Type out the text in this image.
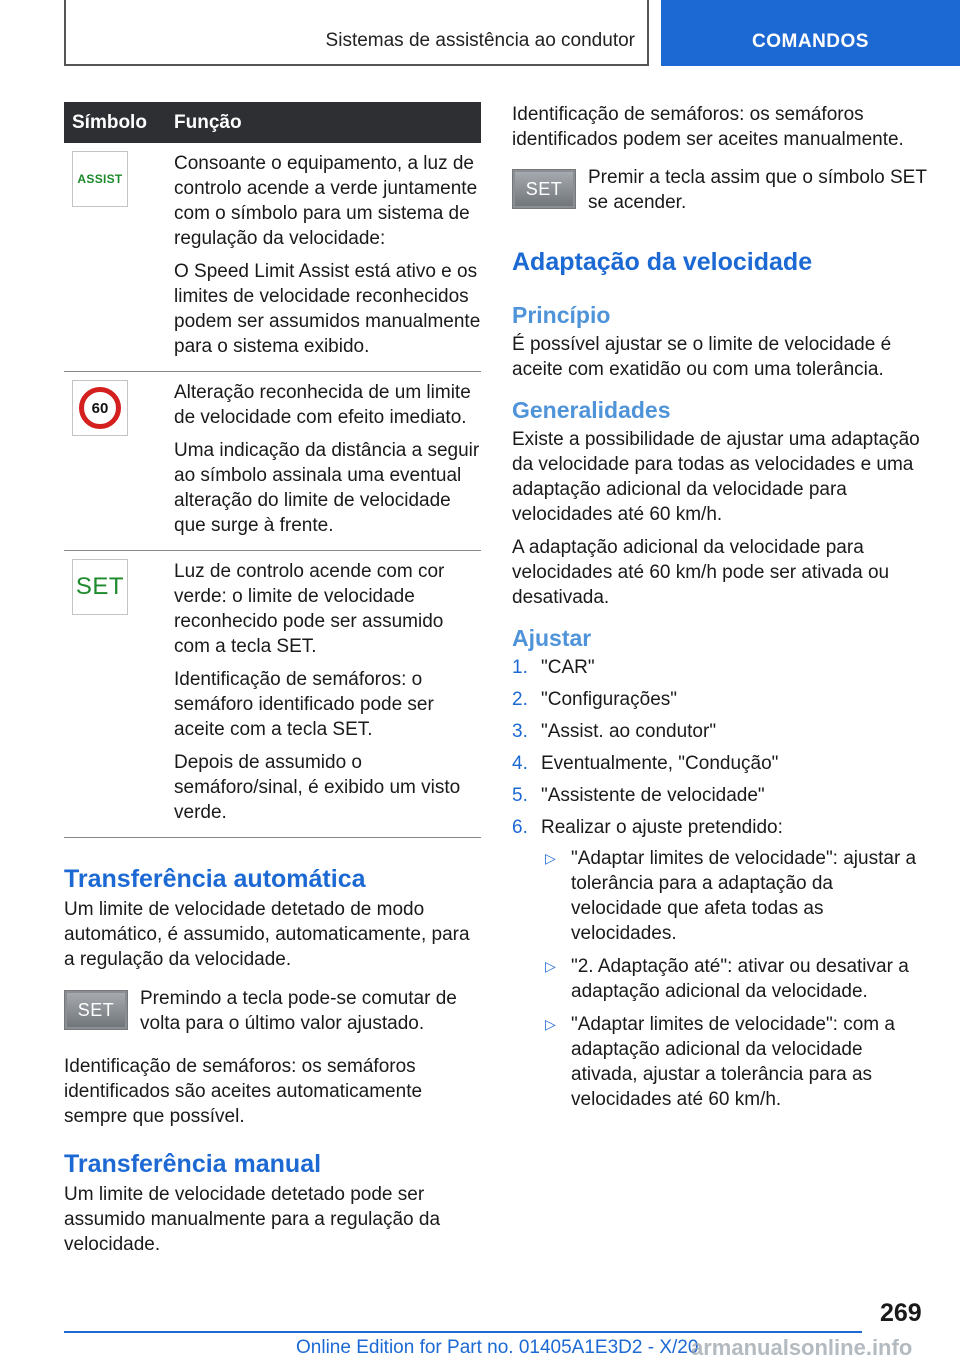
Sistemas de assistência ao condutor	COMANDOS
Símbolo	Função

ASSIST	Consoante o equipamento, a luz de controlo acende a verde juntamente com o símbolo para um sistema de regulação da velocidade:

O Speed Limit Assist está ativo e os limites de velocidade reconhecidos podem ser assumidos manualmente para o sistema exibido.

60	Alteração reconhecida de um limite de velocidade com efeito imediato.

Uma indicação da distância a seguir ao símbolo assinala uma eventual alteração do limite de velocidade que surge à frente.

SET	Luz de controlo acende com cor verde: o limite de velocidade reconhecido pode ser assumido com a tecla SET.

Identificação de semáforos: o semáforo identificado pode ser aceite com a tecla SET.

Depois de assumido o semáforo/sinal, é exibido um visto verde.

Transferência automática

Um limite de velocidade detetado de modo automático, é assumido, automaticamente, para a regulação da velocidade.

SET

Premindo a tecla pode-se comutar de volta para o último valor ajustado.

Identificação de semáforos: os semáforos identificados são aceites automaticamente sempre que possível.

Transferência manual

Um limite de velocidade detetado pode ser assumido manualmente para a regulação da velocidade.

Identificação de semáforos: os semáforos identificados podem ser aceites manualmente.

SET

Premir a tecla assim que o símbolo SET se acender.

Adaptação da velocidade
Princípio

É possível ajustar se o limite de velocidade é aceite com exatidão ou com uma tolerância.

Generalidades

Existe a possibilidade de ajustar uma adaptação da velocidade para todas as velocidades e uma adaptação adicional da velocidade para velocidades até 60 km/h.

A adaptação adicional da velocidade para velocidades até 60 km/h pode ser ativada ou desativada.

Ajustar
1. "CAR"
2. "Configurações"
3. "Assist. ao condutor"
4. Eventualmente, "Condução"
5. "Assistente de velocidade"
6. Realizar o ajuste pretendido:
▷ "Adaptar limites de velocidade": ajustar a tolerância para a adaptação da velocidade que afeta todas as velocidades.
▷ "2. Adaptação até": ativar ou desativar a adaptação adicional da velocidade.
▷ "Adaptar limites de velocidade": com a adaptação adicional da velocidade ativada, ajustar a tolerância para as velocidades até 60 km/h.
269
Online Edition for Part no. 01405A1E3D2 - X/20
armanualsonline.info
